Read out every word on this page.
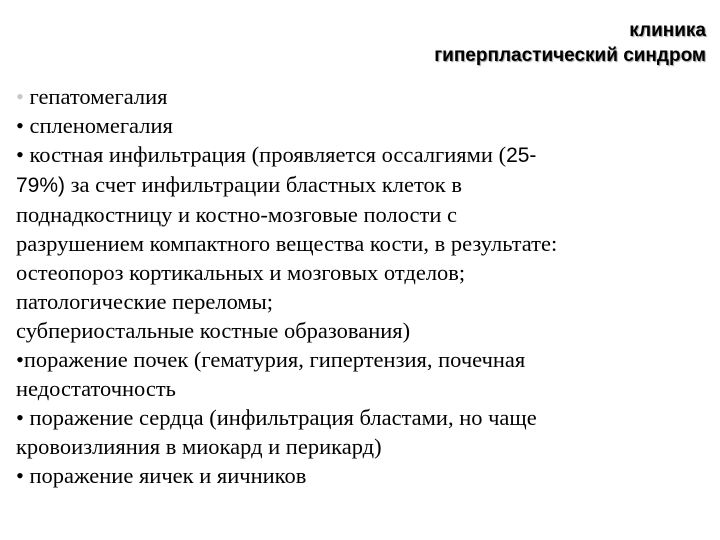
клиника
гиперпластический синдром
• гепатомегалия
• спленомегалия
• костная инфильтрация (проявляется оссалгиями (25-
79%) за счет инфильтрации бластных клеток в
поднадкостницу и костно-мозговые полости с
разрушением компактного вещества кости, в результате:
остеопороз кортикальных и мозговых отделов;
патологические переломы;
субпериостальные костные образования)
•поражение почек (гематурия, гипертензия, почечная
недостаточность
• поражение сердца (инфильтрация бластами, но чаще
кровоизлияния в миокард и перикард)
• поражение яичек и яичников
